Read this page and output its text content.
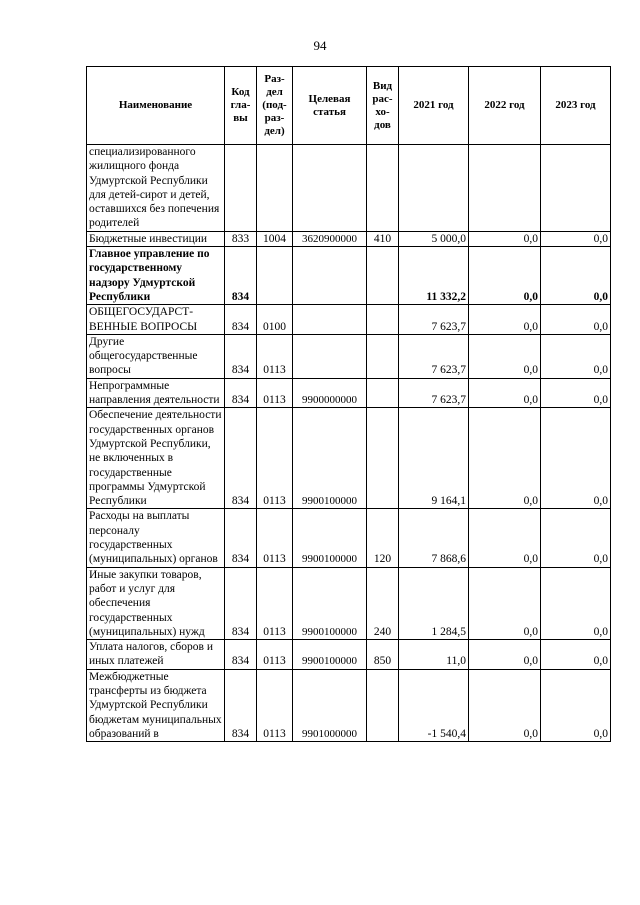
94
Наименование	Код гла- вы	Раз- дел (под- раз- дел)	Целевая статья	Вид рас- хо- дов	2021 год	2022 год	2023 год
специализированного жилищного фонда Удмуртской Республики для детей-сирот и детей, оставшихся без попечения родителей							
Бюджетные инвестиции	833	1004	3620900000	410	5 000,0	0,0	0,0
Главное управление по государственному надзору Удмуртской Республики	834				11 332,2	0,0	0,0
ОБЩЕГОСУДАРСТ- ВЕННЫЕ ВОПРОСЫ	834	0100			7 623,7	0,0	0,0
Другие общегосударственные вопросы	834	0113			7 623,7	0,0	0,0
Непрограммные направления деятельности	834	0113	9900000000		7 623,7	0,0	0,0
Обеспечение деятельности государственных органов Удмуртской Республики, не включенных в государственные программы Удмуртской Республики	834	0113	9900100000		9 164,1	0,0	0,0
Расходы на выплаты персоналу государственных (муниципальных) органов	834	0113	9900100000	120	7 868,6	0,0	0,0
Иные закупки товаров, работ и услуг для обеспечения государственных (муниципальных) нужд	834	0113	9900100000	240	1 284,5	0,0	0,0
Уплата налогов, сборов и иных платежей	834	0113	9900100000	850	11,0	0,0	0,0
Межбюджетные трансферты из бюджета Удмуртской Республики бюджетам муниципальных образований в	834	0113	9901000000		-1 540,4	0,0	0,0
